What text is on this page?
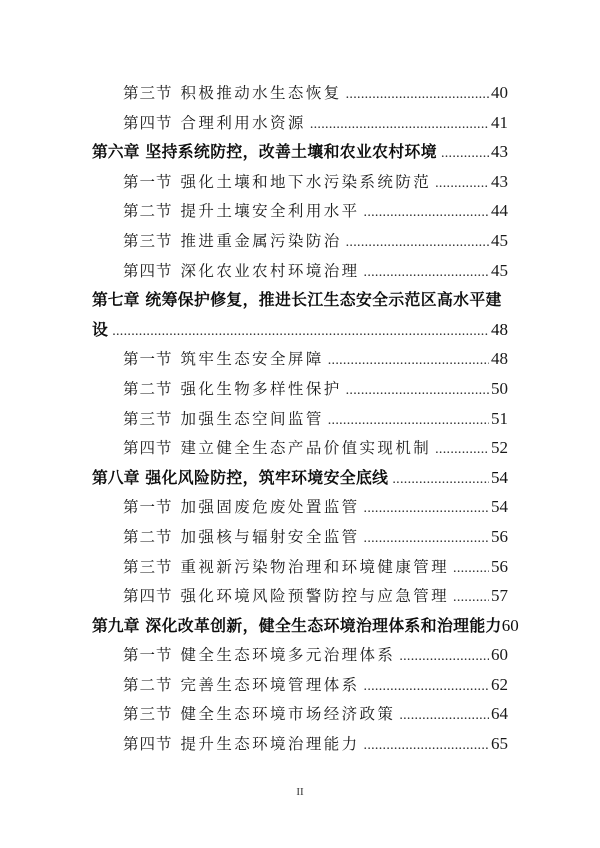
第三节 积极推动水生态恢复 .....	40
第四节 合理利用水资源 .....	41
第六章 坚持系统防控，改善土壤和农业农村环境 .....	43
第一节 强化土壤和地下水污染系统防范 .....	43
第二节 提升土壤安全利用水平 .....	44
第三节 推进重金属污染防治 .....	45
第四节 深化农业农村环境治理 .....	45
第七章 统筹保护修复，推进长江生态安全示范区高水平建
设 .....	48
第一节 筑牢生态安全屏障 .....	48
第二节 强化生物多样性保护 .....	50
第三节 加强生态空间监管 .....	51
第四节 建立健全生态产品价值实现机制 .....	52
第八章 强化风险防控，筑牢环境安全底线 .....	54
第一节 加强固废危废处置监管 .....	54
第二节 加强核与辐射安全监管 .....	56
第三节 重视新污染物治理和环境健康管理 ..... 56
第四节 强化环境风险预警防控与应急管理 ..... 57
第九章 深化改革创新，健全生态环境治理体系和治理能力 60
第一节 健全生态环境多元治理体系 .....	60
第二节 完善生态环境管理体系 .....	62
第三节 健全生态环境市场经济政策 .....	64
第四节 提升生态环境治理能力 .....	65
II
